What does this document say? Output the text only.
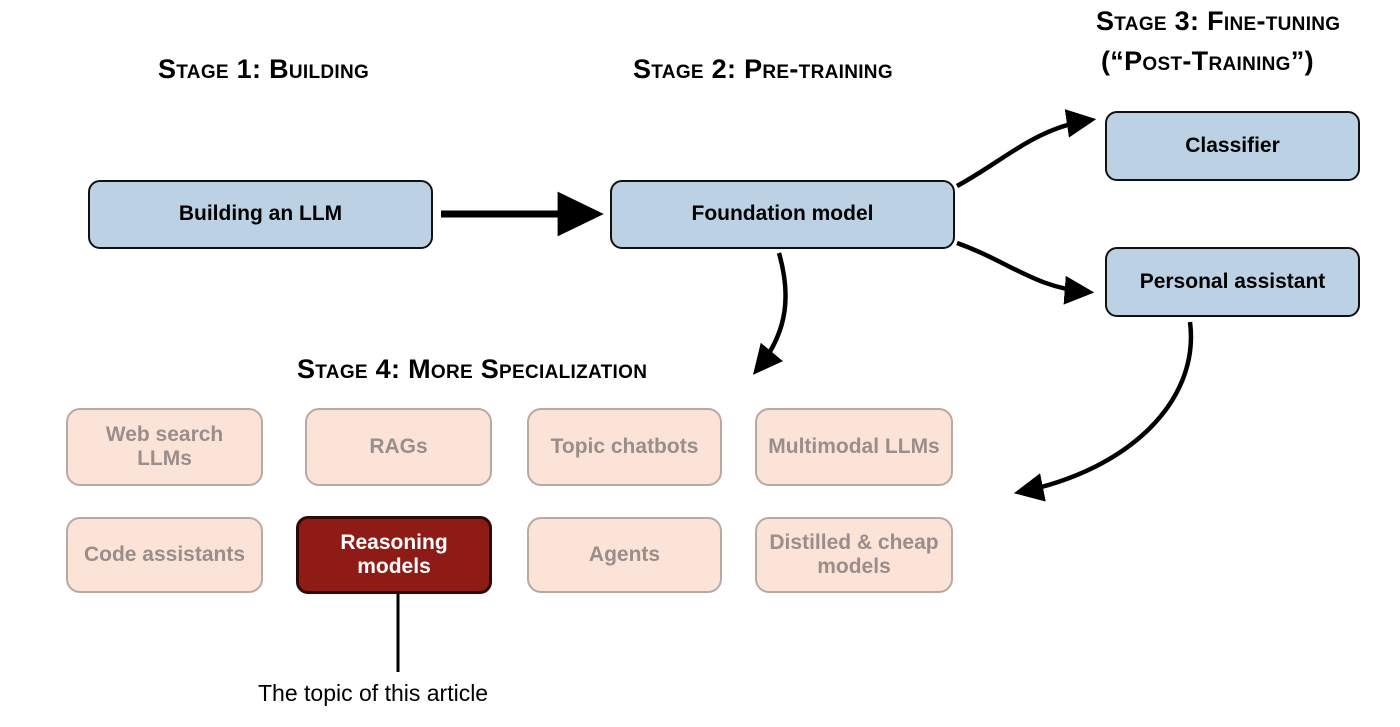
Stage 1: Building	Stage 2: Pre-training
Stage 3: Fine-tuning
(“Post-Training”)
Stage 4: More Specialization
Building an LLM	Foundation model
Classifier
Personal assistant
Web search LLMs
RAGs	Topic chatbots	Multimodal LLMs
Code assistants
Reasoning models
Agents
Distilled & cheap models
The topic of this article
